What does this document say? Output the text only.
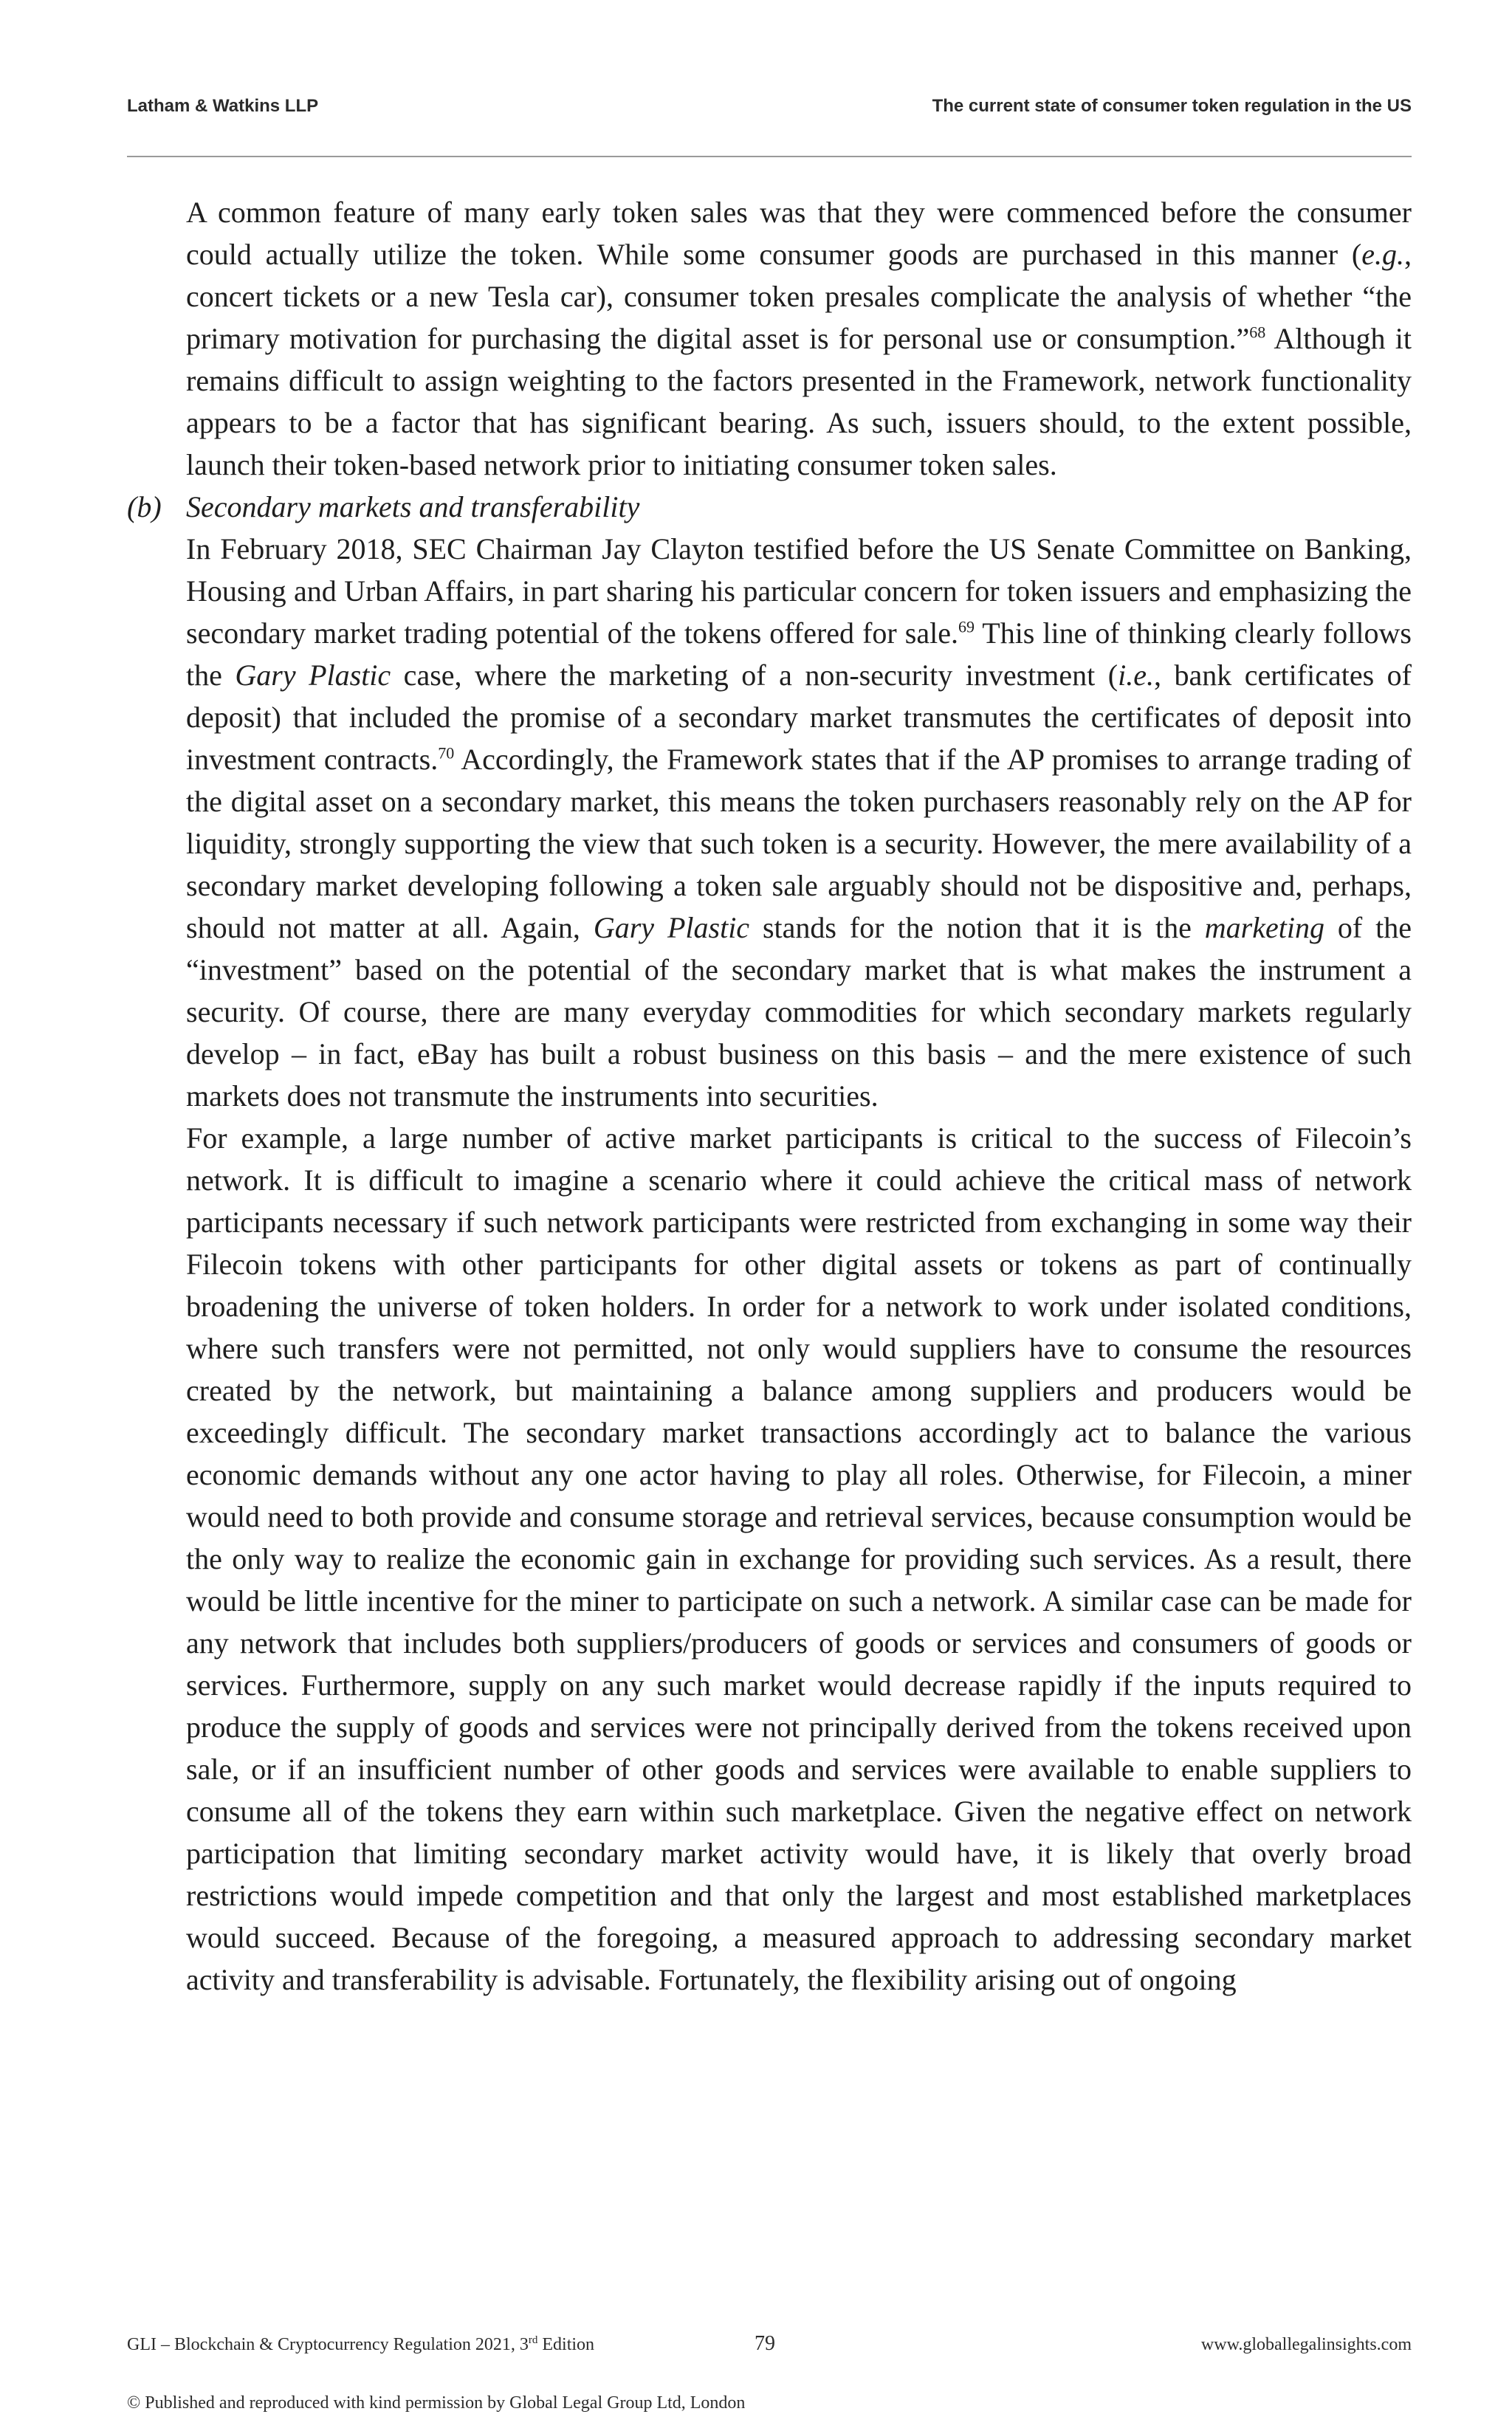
Latham & Watkins LLP	The current state of consumer token regulation in the US

A common feature of many early token sales was that they were commenced before the consumer could actually utilize the token. While some consumer goods are purchased in this manner (e.g., concert tickets or a new Tesla car), consumer token presales complicate the analysis of whether “the primary motivation for purchasing the digital asset is for personal use or consumption.”$^{68}$ Although it remains difficult to assign weighting to the factors presented in the Framework, network functionality appears to be a factor that has significant bearing. As such, issuers should, to the extent possible, launch their token-based network prior to initiating consumer token sales.

(b) Secondary markets and transferability

In February 2018, SEC Chairman Jay Clayton testified before the US Senate Committee on Banking, Housing and Urban Affairs, in part sharing his particular concern for token issuers and emphasizing the secondary market trading potential of the tokens offered for sale.$^{69}$ This line of thinking clearly follows the Gary Plastic case, where the marketing of a non-security investment (i.e., bank certificates of deposit) that included the promise of a secondary market transmutes the certificates of deposit into investment contracts.$^{70}$ Accordingly, the Framework states that if the AP promises to arrange trading of the digital asset on a secondary market, this means the token purchasers reasonably rely on the AP for liquidity, strongly supporting the view that such token is a security. However, the mere availability of a secondary market developing following a token sale arguably should not be dispositive and, perhaps, should not matter at all. Again, Gary Plastic stands for the notion that it is the marketing of the “investment” based on the potential of the secondary market that is what makes the instrument a security. Of course, there are many everyday commodities for which secondary markets regularly develop – in fact, eBay has built a robust business on this basis – and the mere existence of such markets does not transmute the instruments into securities.

For example, a large number of active market participants is critical to the success of Filecoin’s network. It is difficult to imagine a scenario where it could achieve the critical mass of network participants necessary if such network participants were restricted from exchanging in some way their Filecoin tokens with other participants for other digital assets or tokens as part of continually broadening the universe of token holders. In order for a network to work under isolated conditions, where such transfers were not permitted, not only would suppliers have to consume the resources created by the network, but maintaining a balance among suppliers and producers would be exceedingly difficult. The secondary market transactions accordingly act to balance the various economic demands without any one actor having to play all roles. Otherwise, for Filecoin, a miner would need to both provide and consume storage and retrieval services, because consumption would be the only way to realize the economic gain in exchange for providing such services. As a result, there would be little incentive for the miner to participate on such a network. A similar case can be made for any network that includes both suppliers/producers of goods or services and consumers of goods or services. Furthermore, supply on any such market would decrease rapidly if the inputs required to produce the supply of goods and services were not principally derived from the tokens received upon sale, or if an insufficient number of other goods and services were available to enable suppliers to consume all of the tokens they earn within such marketplace. Given the negative effect on network participation that limiting secondary market activity would have, it is likely that overly broad restrictions would impede competition and that only the largest and most established marketplaces would succeed. Because of the foregoing, a measured approach to addressing secondary market activity and transferability is advisable. Fortunately, the flexibility arising out of ongoing

GLI – Blockchain & Cryptocurrency Regulation 2021, 3rd Edition	79	www.globallegalinsights.com
© Published and reproduced with kind permission by Global Legal Group Ltd, London
